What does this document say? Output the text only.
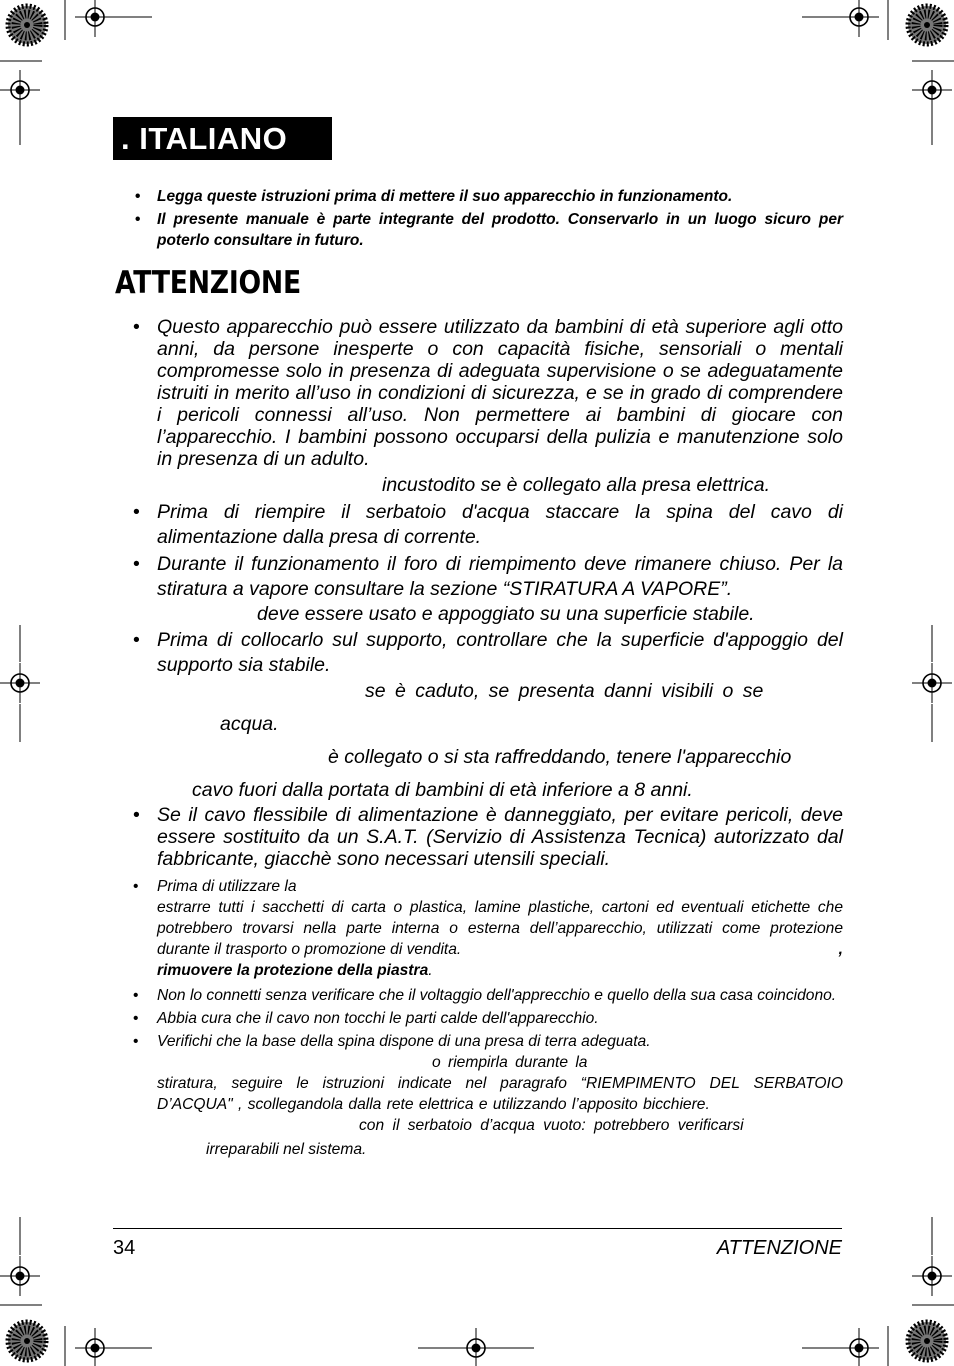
. ITALIANO
• Legga queste istruzioni prima di mettere il suo apparecchio in funzionamento.
• Il presente manuale è parte integrante del prodotto. Conservarlo in un luogo sicuro per poterlo consultare in futuro.
ATTENZIONE
• Questo apparecchio può essere utilizzato da bambini di età superiore agli otto anni, da persone inesperte o con capacità fisiche, sensoriali o mentali compromesse solo in presenza di adeguata supervisione o se adeguatamente istruiti in merito all’uso in condizioni di sicurezza, e se in grado di comprendere i pericoli connessi all’uso. Non permettere ai bambini di giocare con l’apparecchio. I bambini possono occuparsi della pulizia e manutenzione solo in presenza di un adulto.
incustodito se è collegato alla presa elettrica.
• Prima di riempire il serbatoio d'acqua staccare la spina del cavo di alimentazione dalla presa di corrente.
• Durante il funzionamento il foro di riempimento deve rimanere chiuso. Per la stiratura a vapore consultare la sezione “STIRATURA A VAPORE”.
deve essere usato e appoggiato su una superficie stabile.
• Prima di collocarlo sul supporto, controllare che la superficie d'appoggio del supporto sia stabile.
se è caduto, se presenta danni visibili o se
acqua.
è collegato o si sta raffreddando, tenere l'apparecchio
cavo fuori dalla portata di bambini di età inferiore a 8 anni.
• Se il cavo flessibile di alimentazione è danneggiato, per evitare pericoli, deve essere sostituito da un S.A.T. (Servizio di Assistenza Tecnica) autorizzato dal fabbricante, giacchè sono necessari utensili speciali.
• Prima di utilizzare la
estrarre tutti i sacchetti di carta o plastica, lamine plastiche, cartoni ed eventuali etichette che potrebbero trovarsi nella parte interna o esterna dell’apparecchio, utilizzati come protezione durante il trasporto o promozione di vendita.	,
rimuovere la protezione della piastra.
• Non lo connetti senza verificare che il voltaggio dell'apprecchio e quello della sua casa coincidono.
• Abbia cura che il cavo non tocchi le parti calde dell'apparecchio.
• Verifichi che la base della spina dispone di una presa di terra adeguata.
o riempirla durante la
stiratura, seguire le istruzioni indicate nel paragrafo “RIEMPIMENTO DEL SERBATOIO D’ACQUA" , scollegandola dalla rete elettrica e utilizzando l’apposito bicchiere.
con il serbatoio d’acqua vuoto: potrebbero verificarsi
irreparabili nel sistema.
34	ATTENZIONE
